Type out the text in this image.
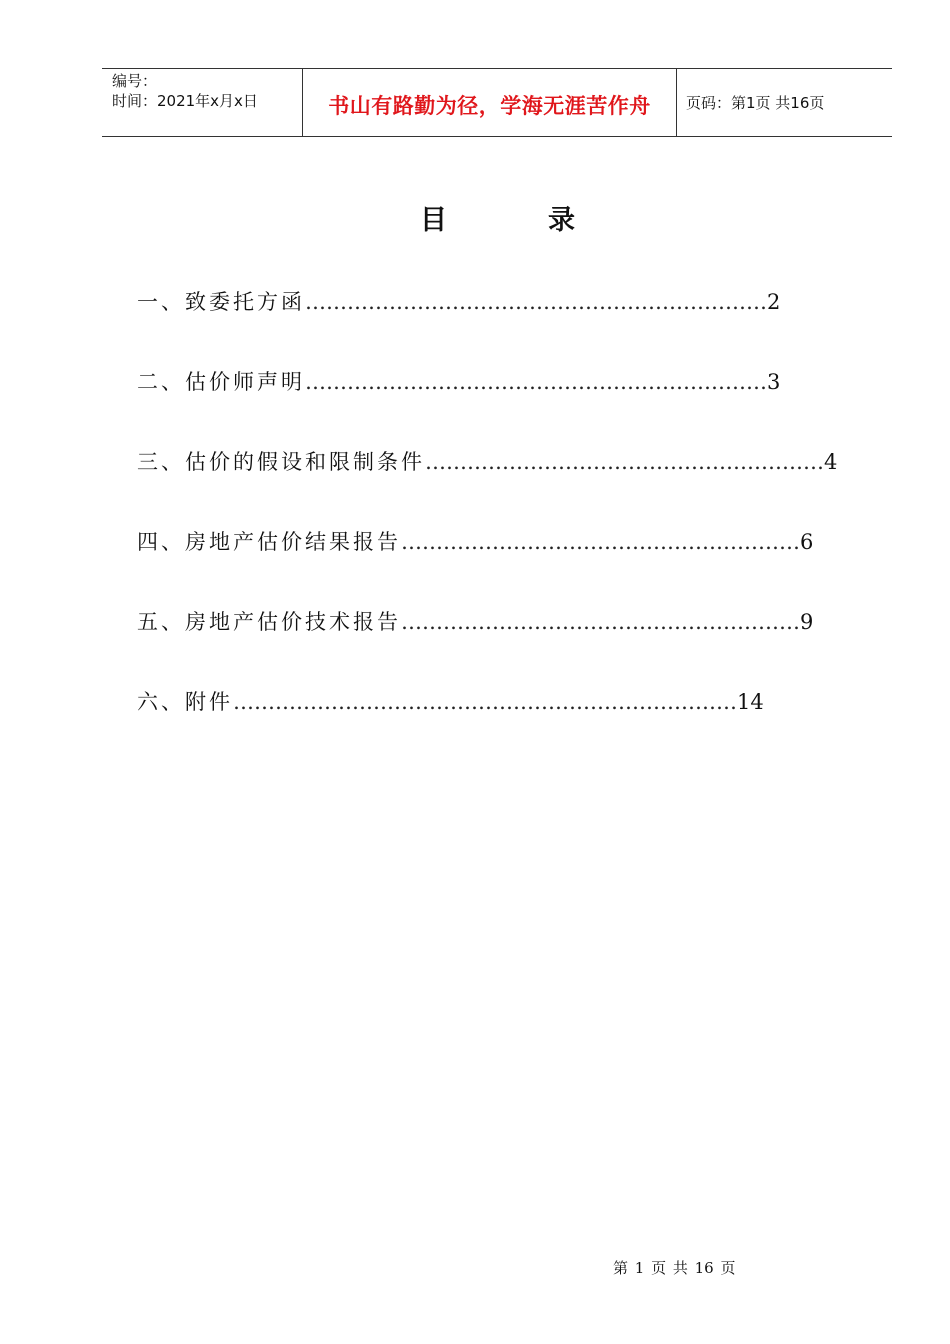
编号：
时间：2021年x月x日	书山有路勤为径，学海无涯苦作舟 页码：第1页 共16页
目	录
一、致委托方函…………………………………………………………2
二、估价师声明…………………………………………………………3
三、估价的假设和限制条件…………………………………………………4
四、房地产估价结果报告…………………………………………………6
五、房地产估价技术报告…………………………………………………9
六、附件………………………………………………………………14
第 1 页 共 16 页
